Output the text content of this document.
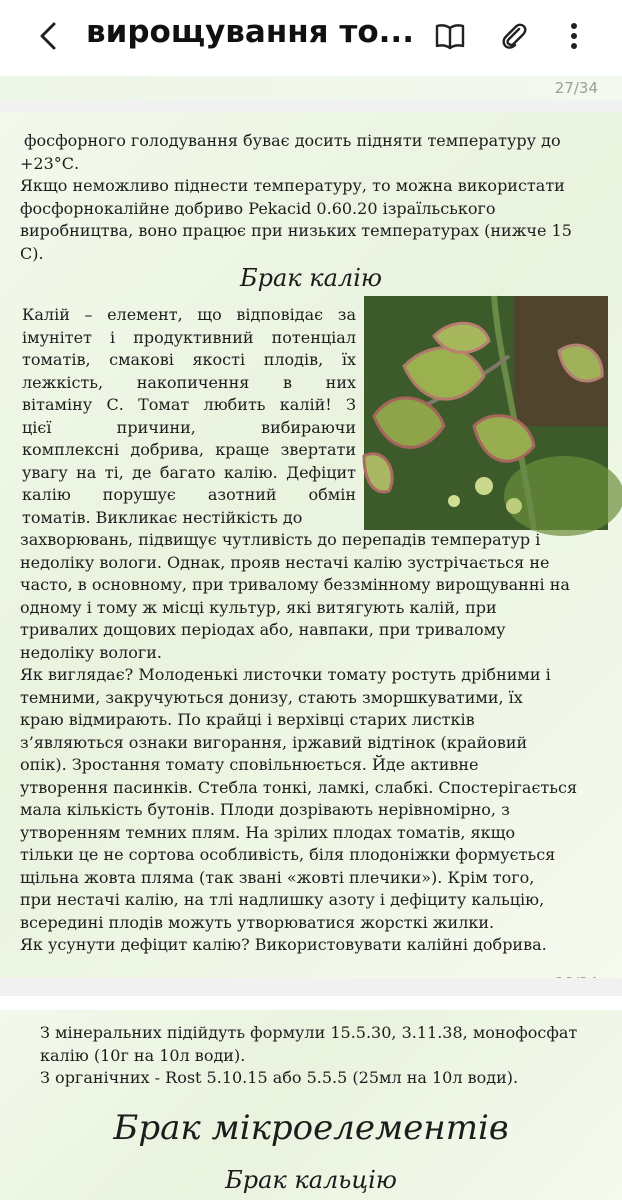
вирощування то...
27/34

фосфорного голодування буває досить підняти температуру до

+23°С.

Якщо неможливо піднести температуру, то можна використати

фосфорнокалійне добриво Pekacid 0.60.20 ізраїльського

виробництва, воно працює при низьких температурах (нижче 15

С).

Брак калію

Калій – елемент, що відповідає за

імунітет і продуктивний потенціал

томатів, смакові якості плодів, їх

лежкість, накопичення в них

вітаміну С. Томат любить калій! З

цієї причини, вибираючи

комплексні добрива, краще звертати

увагу на ті, де багато калію. Дефіцит

калію порушує азотний обмін

томатів. Викликає нестійкість до

захворювань, підвищує чутливість до перепадів температур і

недоліку вологи. Однак, прояв нестачі калію зустрічається не

часто, в основному, при тривалому беззмінному вирощуванні на

одному і тому ж місці культур, які витягують калій, при

тривалих дощових періодах або, навпаки, при тривалому

недоліку вологи.

Як виглядає? Молоденькі листочки томату ростуть дрібними і

темними, закручуються донизу, стають зморшкуватими, їх

краю відмирають. По крайці і верхівці старих листків

з’являються ознаки вигорання, іржавий відтінок (крайовий

опік). Зростання томату сповільнюється. Йде активне

утворення пасинків. Стебла тонкі, ламкі, слабкі. Спостерігається

мала кількість бутонів. Плоди дозрівають нерівномірно, з

утворенням темних плям. На зрілих плодах томатів, якщо

тільки це не сортова особливість, біля плодоніжки формується

щільна жовта пляма (так звані «жовті плечики»). Крім того,

при нестачі калію, на тлі надлишку азоту і дефіциту кальцію,

всередині плодів можуть утворюватися жорсткі жилки.

Як усунути дефіцит калію? Використовувати калійні добрива.

З мінеральних підійдуть формули 15.5.30, 3.11.38, монофосфат

калію (10г на 10л води).

З органічних - Rost 5.10.15 або 5.5.5 (25мл на 10л води).

Брак мікроелементів
Брак кальцію
